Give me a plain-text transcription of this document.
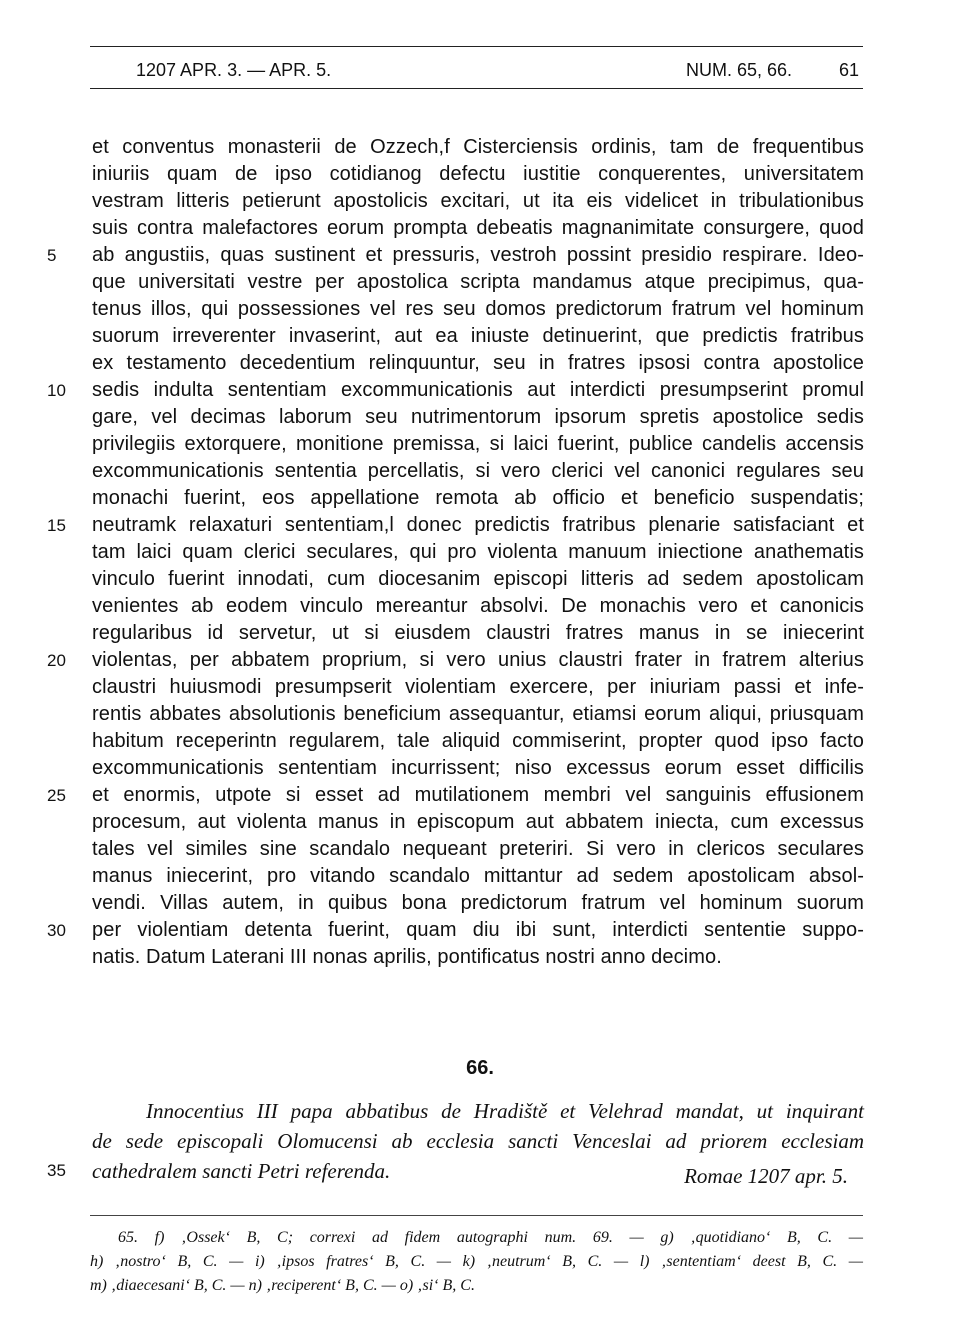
1207 APR. 3. — APR. 5.	NUM. 65, 66.	61
et conventus monasterii de Ozzech,f Cisterciensis ordinis, tam de frequentibus
iniuriis quam de ipso cotidianog defectu iustitie conquerentes, universitatem
vestram litteris petierunt apostolicis excitari, ut ita eis videlicet in tribulationibus
suis contra malefactores eorum prompta debeatis magnanimitate consurgere, quod
5	ab angustiis, quas sustinent et pressuris, vestroh possint presidio respirare. Ideo-
que universitati vestre per apostolica scripta mandamus atque precipimus, qua-
tenus illos, qui possessiones vel res seu domos predictorum fratrum vel hominum
suorum irreverenter invaserint, aut ea iniuste detinuerint, que predictis fratribus
ex testamento decedentium relinquuntur, seu in fratres ipsosi contra apostolice
10	sedis indulta sententiam excommunicationis aut interdicti presumpserint promul
gare, vel decimas laborum seu nutrimentorum ipsorum spretis apostolice sedis
privilegiis extorquere, monitione premissa, si laici fuerint, publice candelis accensis
excommunicationis sententia percellatis, si vero clerici vel canonici regulares seu
monachi fuerint, eos appellatione remota ab officio et beneficio suspendatis;
15	neutramk relaxaturi sententiam,l donec predictis fratribus plenarie satisfaciant et
tam laici quam clerici seculares, qui pro violenta manuum iniectione anathematis
vinculo fuerint innodati, cum diocesanim episcopi litteris ad sedem apostolicam
venientes ab eodem vinculo mereantur absolvi. De monachis vero et canonicis
regularibus id servetur, ut si eiusdem claustri fratres manus in se iniecerint
20	violentas, per abbatem proprium, si vero unius claustri frater in fratrem alterius
claustri huiusmodi presumpserit violentiam exercere, per iniuriam passi et infe-
rentis abbates absolutionis beneficium assequantur, etiamsi eorum aliqui, priusquam
habitum receperintn regularem, tale aliquid commiserint, propter quod ipso facto
excommunicationis sententiam incurrissent; niso excessus eorum esset difficilis
25	et enormis, utpote si esset ad mutilationem membri vel sanguinis effusionem
procesum, aut violenta manus in episcopum aut abbatem iniecta, cum excessus
tales vel similes sine scandalo nequeant preteriri. Si vero in clericos seculares
manus iniecerint, pro vitando scandalo mittantur ad sedem apostolicam absol-
vendi. Villas autem, in quibus bona predictorum fratrum vel hominum suorum
30	per violentiam detenta fuerint, quam diu ibi sunt, interdicti sententie suppo-
natis. Datum Laterani III nonas aprilis, pontificatus nostri anno decimo.
66.
Innocentius III papa abbatibus de Hradiště et Velehrad mandat, ut inquirant
de sede episcopali Olomucensi ab ecclesia sancti Venceslai ad priorem ecclesiam
35 cathedralem sancti Petri referenda.	Romae 1207 apr. 5.
65. f) ‚Ossek‘ B, C; correxi ad fidem autographi num. 69. — g) ‚quotidiano‘ B, C. —
h) ‚nostro‘ B, C. — i) ‚ipsos fratres‘ B, C. — k) ‚neutrum‘ B, C. — l) ‚sententiam‘ deest B, C. —
m) ‚diaecesani‘ B, C. — n) ‚reciperent‘ B, C. — o) ‚si‘ B, C.
